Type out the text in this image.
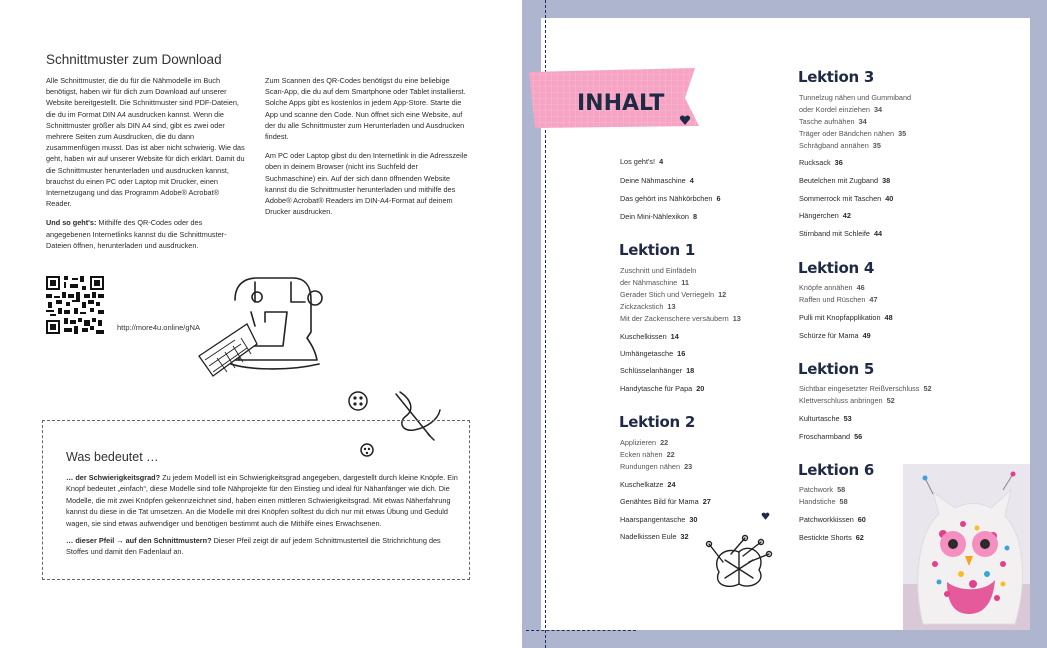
Schnittmuster zum Download

Alle Schnittmuster, die du für die Nähmodelle im Buch benötigst, haben wir für dich zum Download auf unserer Website bereitgestellt. Die Schnittmuster sind PDF-Dateien, die du im Format DIN A4 ausdrucken kannst. Wenn die Schnittmuster größer als DIN A4 sind, gibt es zwei oder mehrere Seiten zum Ausdrucken, die du dann zusammenfügen musst. Das ist aber nicht schwierig. Wie das geht, haben wir auf unserer Website für dich erklärt. Damit du die Schnittmuster herunterladen und ausdrucken kannst, brauchst du einen PC oder Laptop mit Drucker, einen Internetzugang und das Programm Adobe® Acrobat® Reader.

Und so geht's: Mithilfe des QR-Codes oder des angegebenen Internetlinks kannst du die Schnittmuster-Dateien öffnen, herunterladen und ausdrucken.

Zum Scannen des QR-Codes benötigst du eine beliebige Scan-App, die du auf dem Smartphone oder Tablet installierst. Solche Apps gibt es kostenlos in jedem App-Store. Starte die App und scanne den Code. Nun öffnet sich eine Website, auf der du alle Schnittmuster zum Herunterladen und Ausdrucken findest.

Am PC oder Laptop gibst du den Internetlink in die Adresszeile oben in deinem Browser (nicht ins Suchfeld der Suchmaschine) ein. Auf der sich dann öffnenden Website kannst du die Schnittmuster herunterladen und mithilfe des Adobe® Acrobat® Readers im DIN-A4-Format auf deinem Drucker ausdrucken.

http://more4u.online/gNA
Was bedeutet …

… der Schwierigkeitsgrad? Zu jedem Modell ist ein Schwierigkeitsgrad angegeben, dargestellt durch kleine Knöpfe. Ein Knopf bedeutet „einfach“, diese Modelle sind tolle Nähprojekte für den Einstieg und ideal für Nähanfänger wie dich. Die Modelle, die mit zwei Knöpfen gekennzeichnet sind, haben einen mittleren Schwierigkeitsgrad. Mit etwas Näherfahrung kannst du diese in die Tat umsetzen. An die Modelle mit drei Knöpfen solltest du dich nur mit etwas Übung und Geduld wagen, sie sind etwas aufwendiger und benötigen bestimmt auch die Mithilfe eines Erwachsenen.

… dieser Pfeil → auf den Schnittmustern? Dieser Pfeil zeigt dir auf jedem Schnittmusterteil die Strichrichtung des Stoffes und damit den Fadenlauf an.

INHALT
Los geht's! 4
Deine Nähmaschine 4
Das gehört ins Nähkörbchen 6
Dein Mini-Nählexikon 8
Lektion 1
Zuschnitt und Einfädeln
der Nähmaschine 11
Gerader Stich und Verriegeln 12
Zickzackstich 13
Mit der Zackenschere versäubern 13
Kuschelkissen 14
Umhängetasche 16
Schlüsselanhänger 18
Handytasche für Papa 20
Lektion 2
Applizieren 22
Ecken nähen 22
Rundungen nähen 23
Kuschelkatze 24
Genähtes Bild für Mama 27
Haarspangentasche 30
Nadelkissen Eule 32
Lektion 3
Tunnelzug nähen und Gummiband
oder Kordel einziehen 34
Tasche aufnähen 34
Träger oder Bändchen nähen 35
Schrägband annähen 35
Rucksack 36
Beutelchen mit Zugband 38
Sommerrock mit Taschen 40
Hängerchen 42
Stirnband mit Schleife 44
Lektion 4
Knöpfe annähen 46
Raffen und Rüschen 47
Pulli mit Knopfapplikation 48
Schürze für Mama 49
Lektion 5
Sichtbar eingesetzter Reißverschluss 52
Klettverschluss anbringen 52
Kulturtasche 53
Froscharmband 56
Lektion 6
Patchwork 58
Handstiche 58
Patchworkkissen 60
Bestickte Shorts 62
